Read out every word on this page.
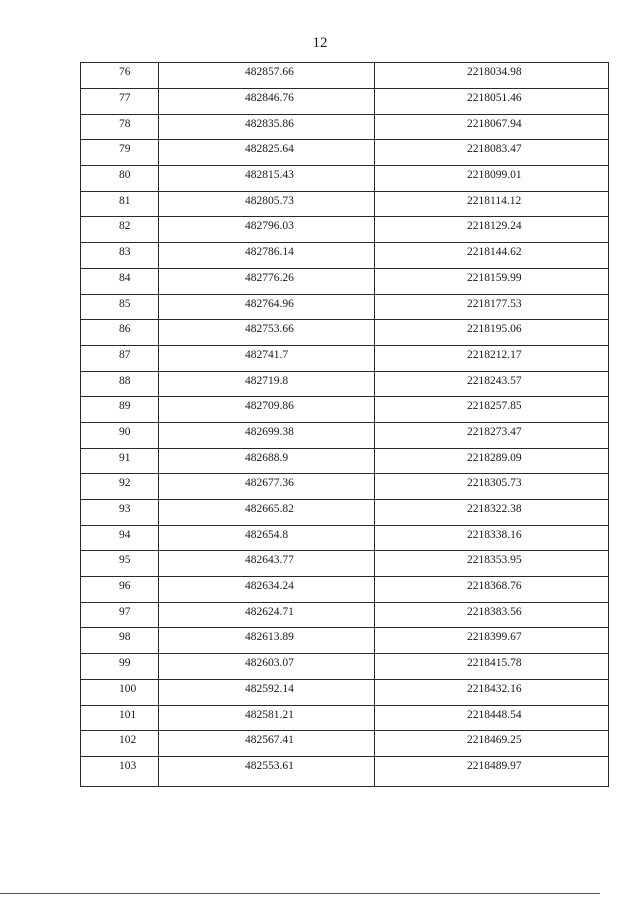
12
76	482857.66	2218034.98
77	482846.76	2218051.46
78	482835.86	2218067.94
79	482825.64	2218083.47
80	482815.43	2218099.01
81	482805.73	2218114.12
82	482796.03	2218129.24
83	482786.14	2218144.62
84	482776.26	2218159.99
85	482764.96	2218177.53
86	482753.66	2218195.06
87	482741.7	2218212.17
88	482719.8	2218243.57
89	482709.86	2218257.85
90	482699.38	2218273.47
91	482688.9	2218289.09
92	482677.36	2218305.73
93	482665.82	2218322.38
94	482654.8	2218338.16
95	482643.77	2218353.95
96	482634.24	2218368.76
97	482624.71	2218383.56
98	482613.89	2218399.67
99	482603.07	2218415.78
100	482592.14	2218432.16
101	482581.21	2218448.54
102	482567.41	2218469.25
103	482553.61	2218489.97
